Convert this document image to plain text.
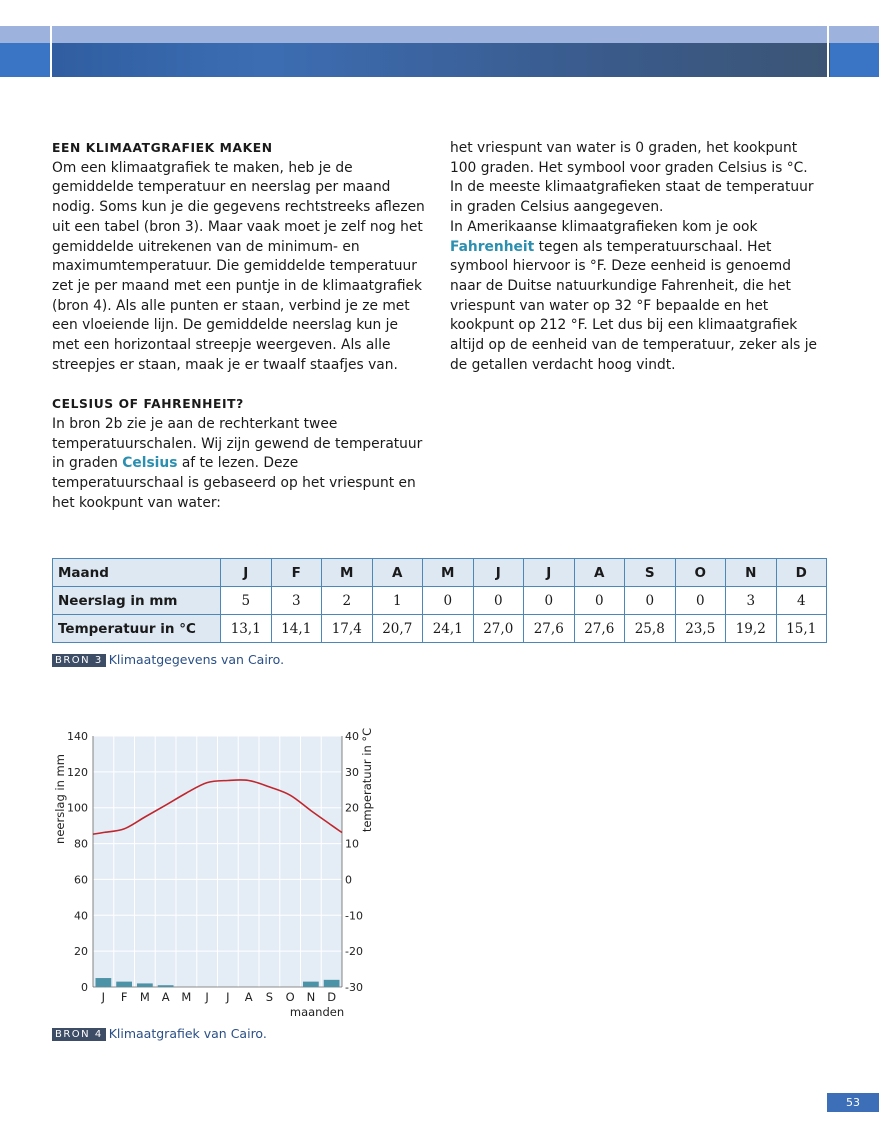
EEN KLIMAATGRAFIEK MAKEN

Om een klimaatgrafiek te maken, heb je de gemiddelde temperatuur en neerslag per maand nodig. Soms kun je die gegevens rechtstreeks aflezen uit een tabel (bron 3). Maar vaak moet je zelf nog het gemiddelde uitrekenen van de minimum- en maximumtemperatuur. Die gemiddelde temperatuur zet je per maand met een puntje in de klimaatgrafiek (bron 4). Als alle punten er staan, verbind je ze met een vloeiende lijn. De gemiddelde neerslag kun je met een horizontaal streepje weergeven. Als alle streepjes er staan, maak je er twaalf staafjes van.

CELSIUS OF FAHRENHEIT?

In bron 2b zie je aan de rechterkant twee temperatuurschalen. Wij zijn gewend de temperatuur in graden Celsius af te lezen. Deze temperatuurschaal is gebaseerd op het vriespunt en het kookpunt van water:

het vriespunt van water is 0 graden, het kookpunt 100 graden. Het symbool voor graden Celsius is °C. In de meeste klimaatgrafieken staat de temperatuur in graden Celsius aangegeven.

In Amerikaanse klimaatgrafieken kom je ook Fahrenheit tegen als temperatuurschaal. Het symbool hiervoor is °F. Deze eenheid is genoemd naar de Duitse natuurkundige Fahrenheit, die het vriespunt van water op 32 °F bepaalde en het kookpunt op 212 °F. Let dus bij een klimaatgrafiek altijd op de eenheid van de temperatuur, zeker als je de getallen verdacht hoog vindt.

Maand	J	F	M	A	M	J	J	A	S	O	N	D
Neerslag in mm	5	3	2	1	0	0	0	0	0	0	3	4
Temperatuur in °C	13,1	14,1	17,4	20,7	24,1	27,0	27,6	27,6	25,8	23,5	19,2	15,1
BRON 3 Klimaatgegevens van Cairo.
0
20
40
60
80
100
120
140
-30
-20
-10
0
10
20
30
40
J F M A M J J A S O N D
neerslag in mm	temperatuur in °C
maanden
BRON 4 Klimaatgrafiek van Cairo.
53
